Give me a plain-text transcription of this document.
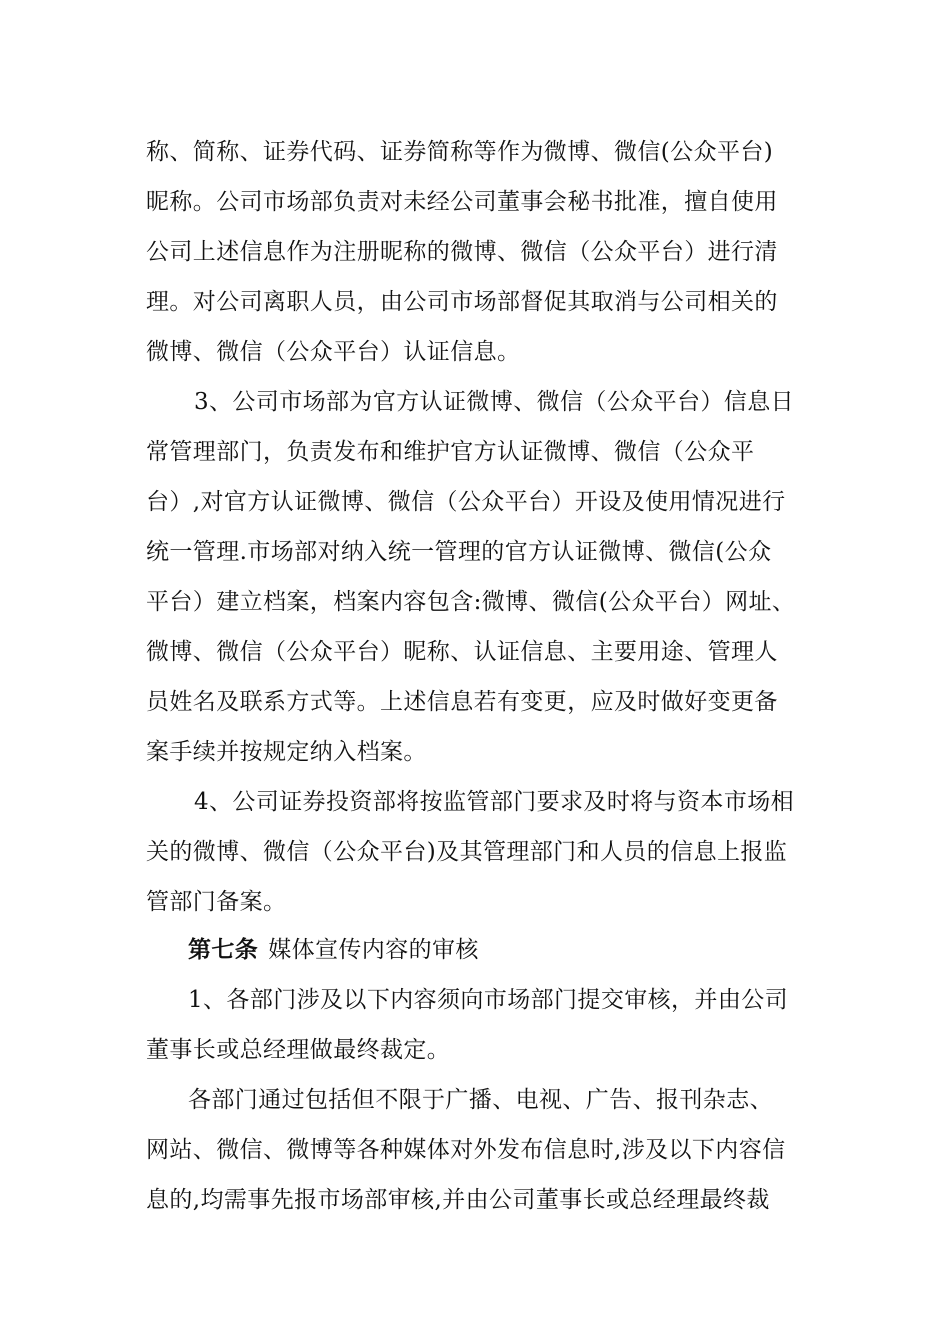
称、简称、证券代码、证券简称等作为微博、微信(公众平台)
昵称。公司市场部负责对未经公司董事会秘书批准，擅自使用
公司上述信息作为注册昵称的微博、微信（公众平台）进行清
理。对公司离职人员，由公司市场部督促其取消与公司相关的
微博、微信（公众平台）认证信息。
3、公司市场部为官方认证微博、微信（公众平台）信息日
常管理部门，负责发布和维护官方认证微博、微信（公众平
台）,对官方认证微博、微信（公众平台）开设及使用情况进行
统一管理.市场部对纳入统一管理的官方认证微博、微信(公众
平台）建立档案，档案内容包含:微博、微信(公众平台）网址、
微博、微信（公众平台）昵称、认证信息、主要用途、管理人
员姓名及联系方式等。上述信息若有变更，应及时做好变更备
案手续并按规定纳入档案。
4、公司证券投资部将按监管部门要求及时将与资本市场相
关的微博、微信（公众平台)及其管理部门和人员的信息上报监
管部门备案。
第七条 媒体宣传内容的审核
1、各部门涉及以下内容须向市场部门提交审核，并由公司
董事长或总经理做最终裁定。
各部门通过包括但不限于广播、电视、广告、报刊杂志、
网站、微信、微博等各种媒体对外发布信息时,涉及以下内容信
息的,均需事先报市场部审核,并由公司董事长或总经理最终裁
